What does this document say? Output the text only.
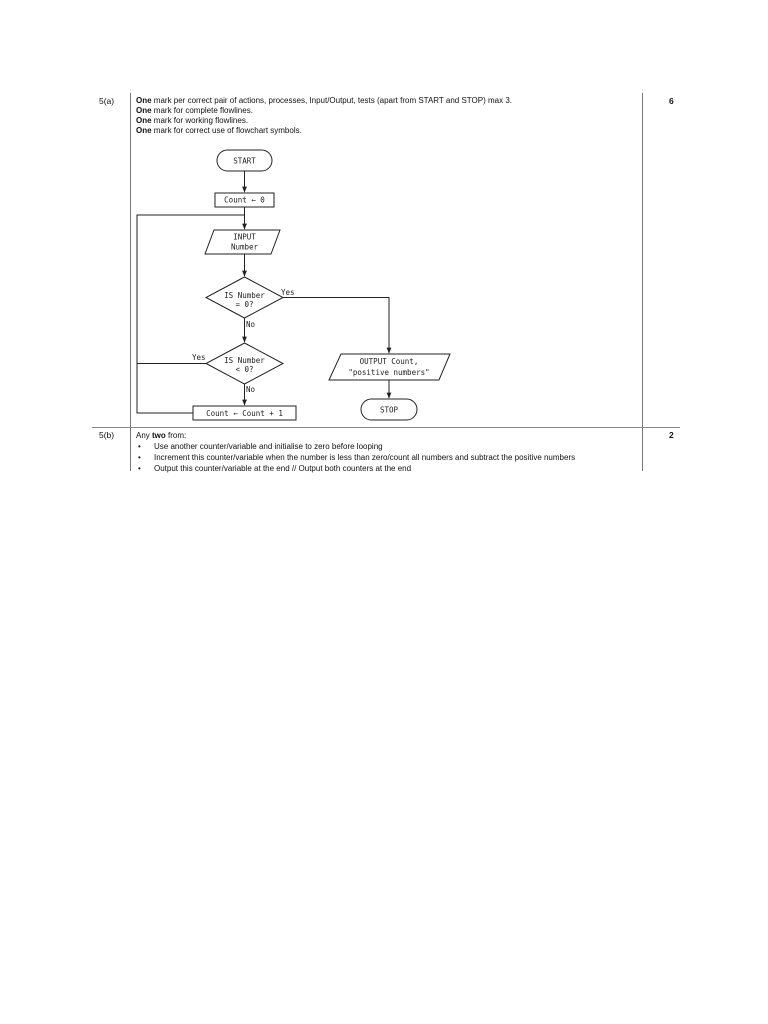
5(a)	6
One mark per correct pair of actions, processes, Input/Output, tests (apart from START and STOP) max 3.
One mark for complete flowlines.
One mark for working flowlines.
One mark for correct use of flowchart symbols.
START
Count ← 0
INPUT
Number
IS Number
= 0?
Yes
No
IS Number
< 0?
Yes
No
Count ← Count + 1
OUTPUT Count,
"positive numbers"
STOP
5(b)	2
Any two from:
• Use another counter/variable and initialise to zero before looping
• Increment this counter/variable when the number is less than zero/count all numbers and subtract the positive numbers
• Output this counter/variable at the end // Output both counters at the end
